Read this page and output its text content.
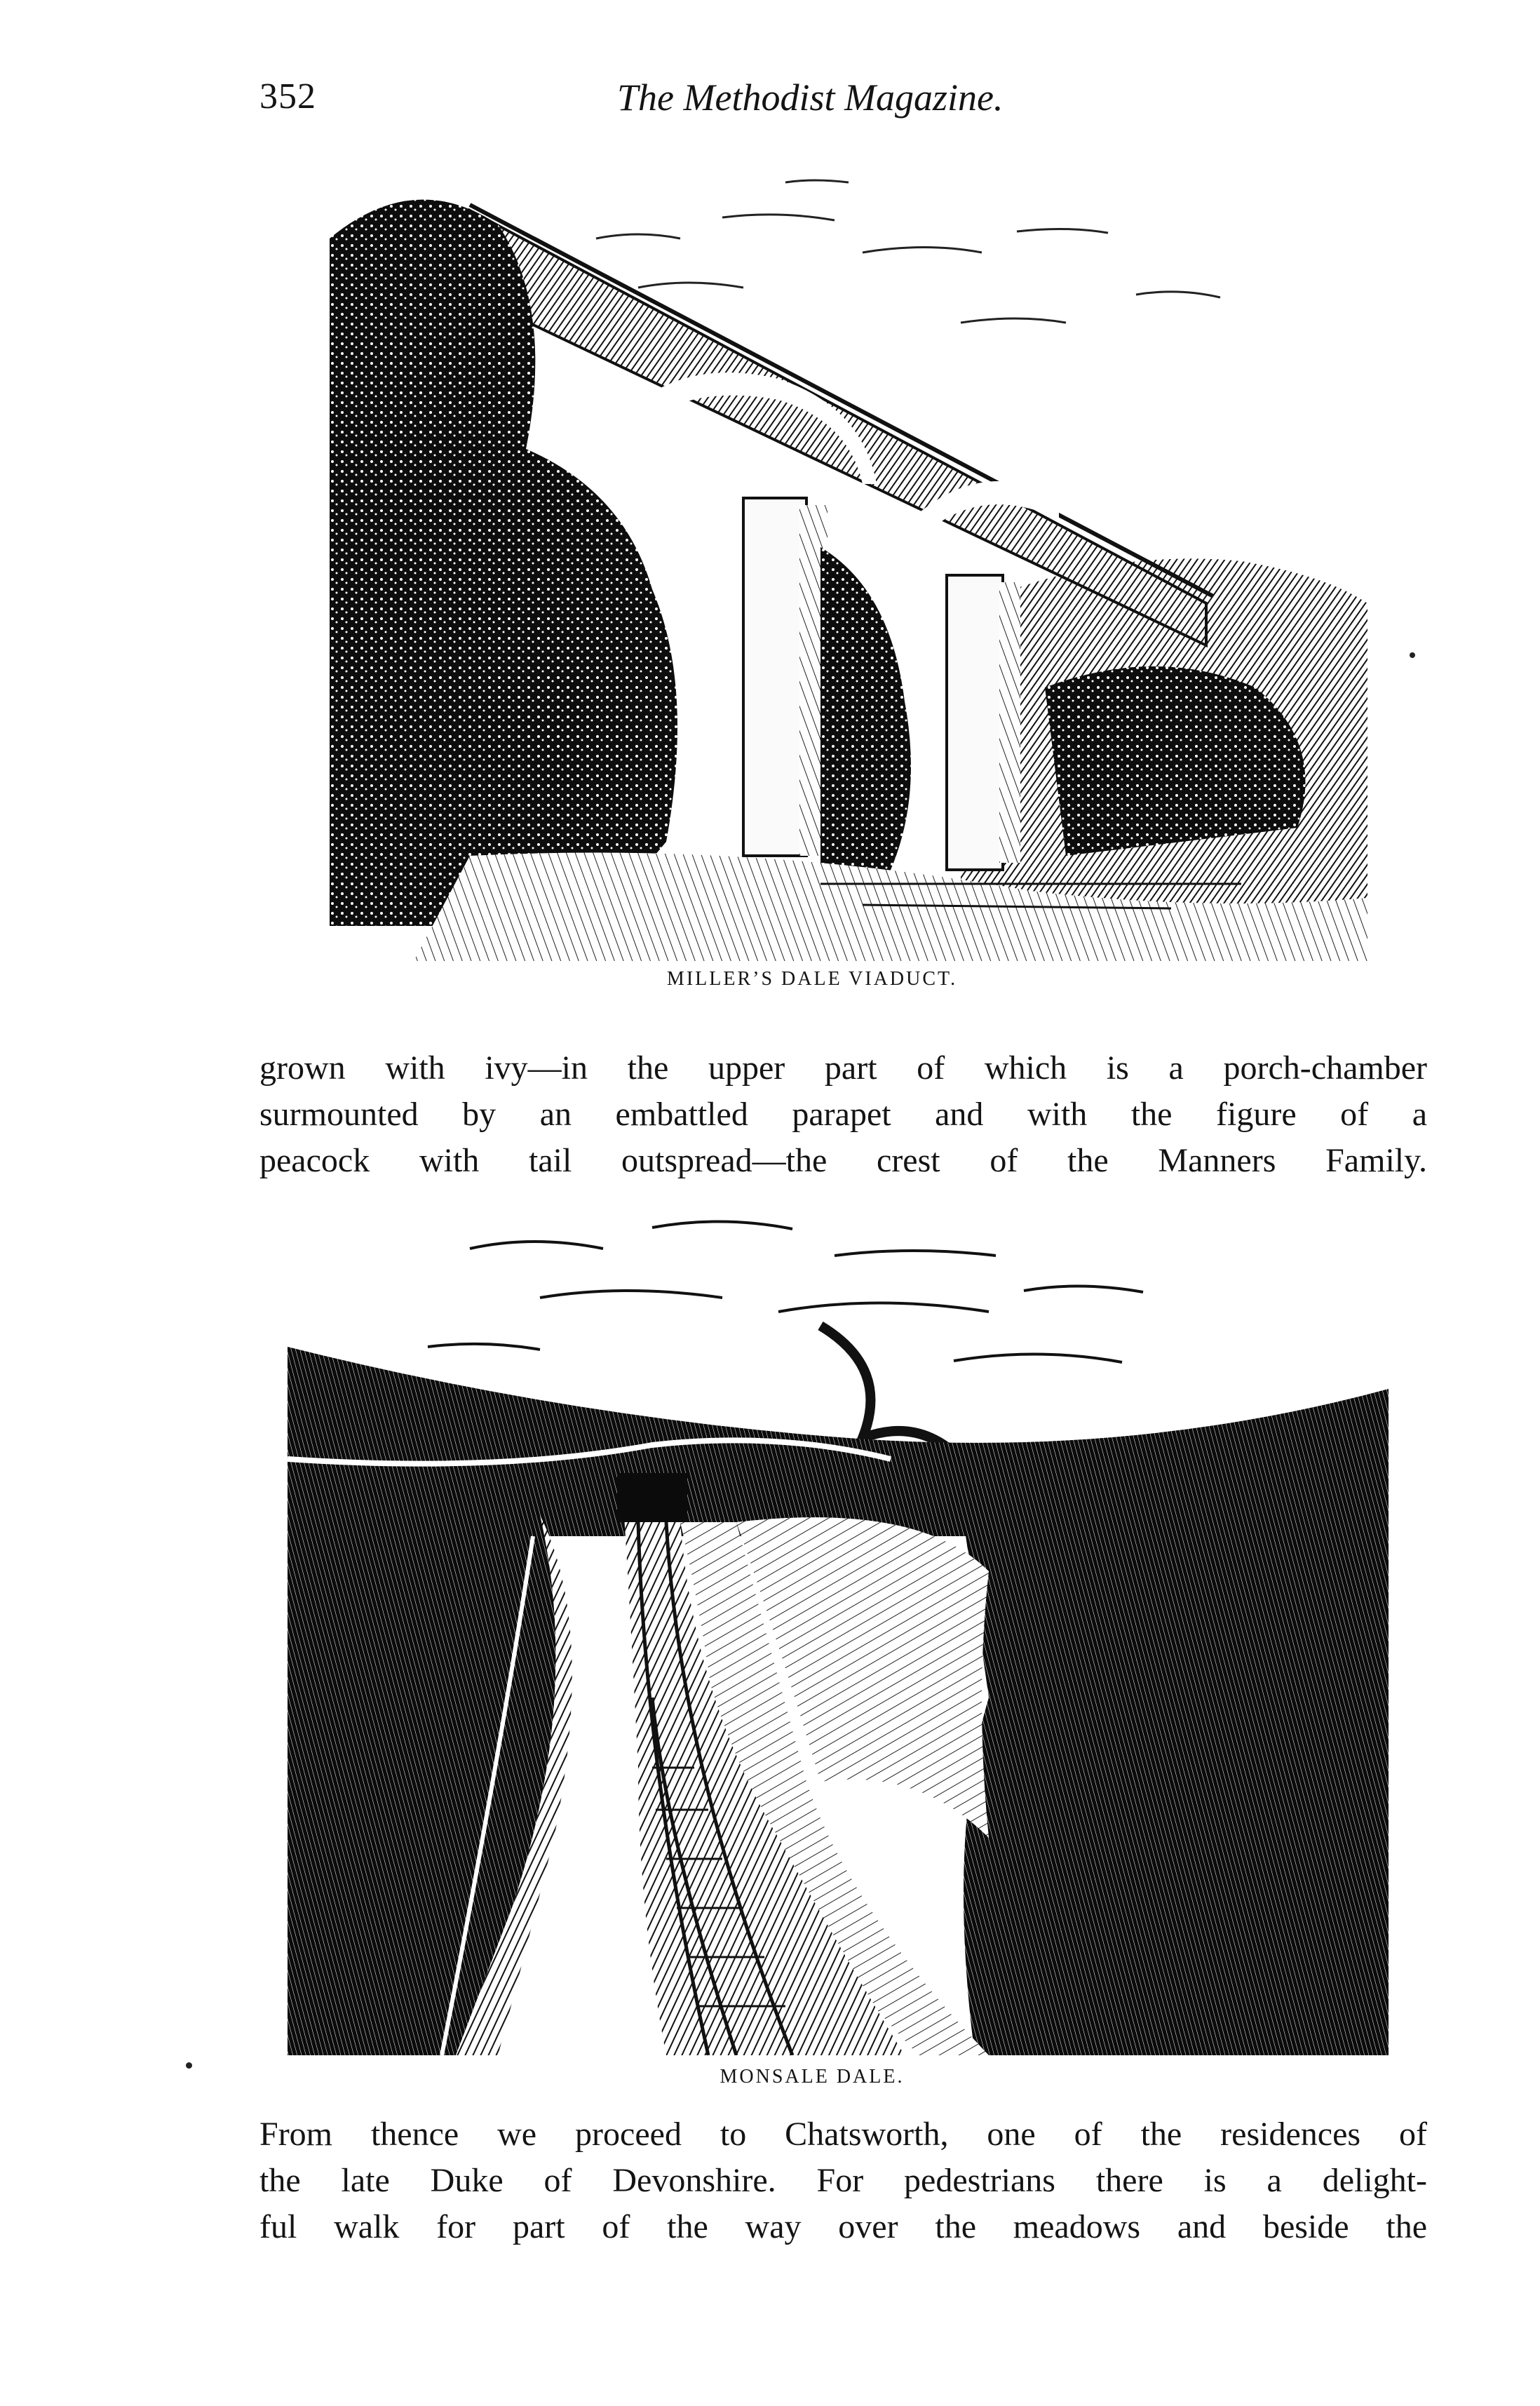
352	The Methodist Magazine.
MILLER’S DALE VIADUCT.
grown with ivy—in the upper part of which is a porch-chamber
surmounted by an embattled parapet and with the figure of a
peacock with tail outspread—the crest of the Manners Family.
MONSALE DALE.
From thence we proceed to Chatsworth, one of the residences of
the late Duke of Devonshire. For pedestrians there is a delight-
ful walk for part of the way over the meadows and beside the
